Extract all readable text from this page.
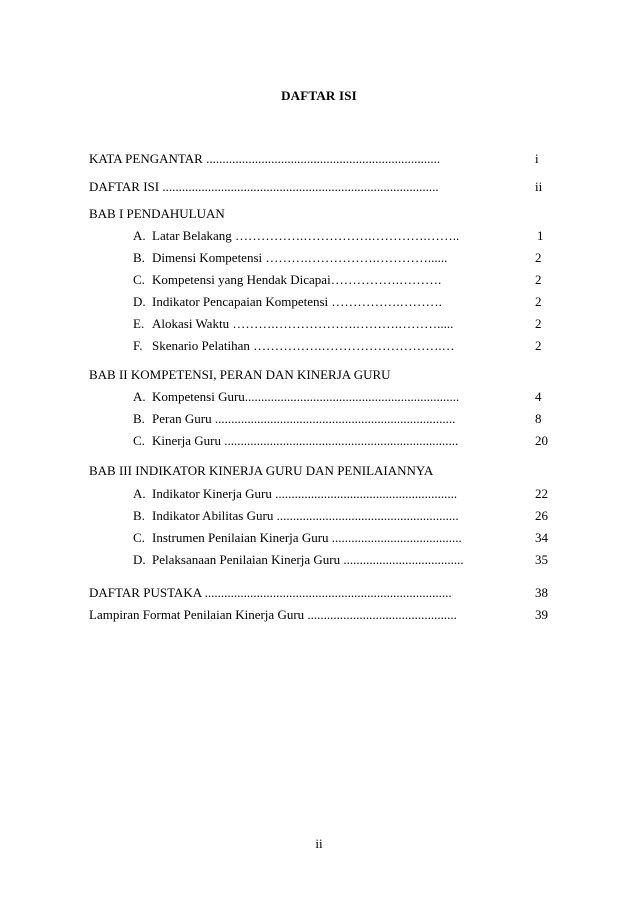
DAFTAR ISI
KATA PENGANTAR ........................................................................	i
DAFTAR ISI .....................................................................................	ii
BAB I PENDAHULUAN
A. Latar Belakang …………….…………….………….……..	1
B. Dimensi Kompetensi ……….…………….…………......	2
C. Kompetensi yang Hendak Dicapai…………….……….	2
D. Indikator Pencapaian Kompetensi …………….……….	2
E. Alokasi Waktu ……….……………….……….……….....	2
F. Skenario Pelatihan …………….……………………….…	2
BAB II KOMPETENSI, PERAN DAN KINERJA GURU
A. Kompetensi Guru..................................................................	4
B. Peran Guru ..........................................................................	8
C. Kinerja Guru ........................................................................	20
BAB III INDIKATOR KINERJA GURU DAN PENILAIANNYA
A. Indikator Kinerja Guru ........................................................	22
B. Indikator Abilitas Guru ........................................................	26
C. Instrumen Penilaian Kinerja Guru ........................................	34
D. Pelaksanaan Penilaian Kinerja Guru .....................................	35
DAFTAR PUSTAKA ............................................................................	38
Lampiran Format Penilaian Kinerja Guru ..............................................	39
ii
